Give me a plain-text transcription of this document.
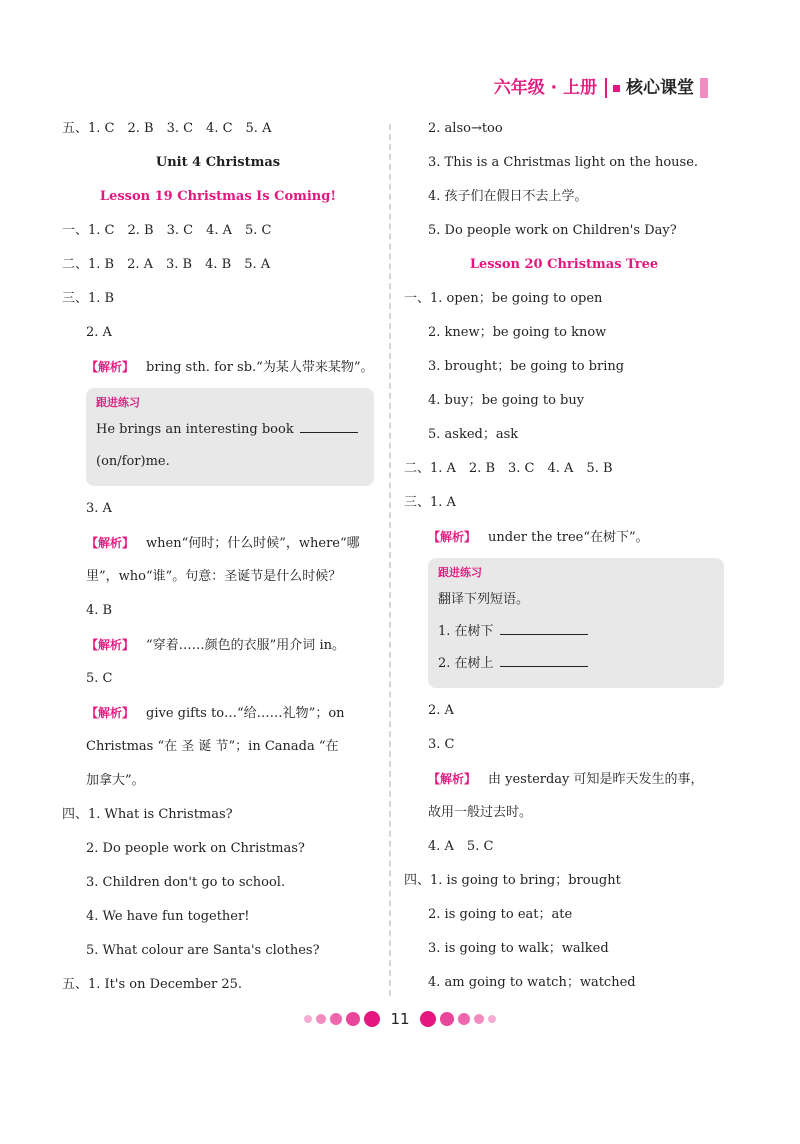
六年级 · 上册 核心课堂
五、1. C　2. B　3. C　4. C　5. A
Unit 4 Christmas
Lesson 19 Christmas Is Coming!
一、1. C　2. B　3. C　4. A　5. C
二、1. B　2. A　3. B　4. B　5. A
三、1. B
2. A
【解析】 bring sth. for sb.“为某人带来某物”。
跟进练习
He brings an interesting book
(on/for)me.
3. A
【解析】 when“何时；什么时候”，where“哪
里”，who“谁”。句意：圣诞节是什么时候？
4. B
【解析】 “穿着……颜色的衣服”用介词 in。
5. C
【解析】 give gifts to…“给……礼物”；on
Christmas “在 圣 诞 节”；in Canada “在
加拿大”。
四、1. What is Christmas?
2. Do people work on Christmas?
3. Children don't go to school.
4. We have fun together!
5. What colour are Santa's clothes?
五、1. It's on December 25.
2. also→too
3. This is a Christmas light on the house.
4. 孩子们在假日不去上学。
5. Do people work on Children's Day?
Lesson 20 Christmas Tree
一、1. open；be going to open
2. knew；be going to know
3. brought；be going to bring
4. buy；be going to buy
5. asked；ask
二、1. A　2. B　3. C　4. A　5. B
三、1. A
【解析】 under the tree“在树下”。
跟进练习
翻译下列短语。
1. 在树下
2. 在树上
2. A
3. C
【解析】 由 yesterday 可知是昨天发生的事，
故用一般过去时。
4. A　5. C
四、1. is going to bring；brought
2. is going to eat；ate
3. is going to walk；walked
4. am going to watch；watched
11
